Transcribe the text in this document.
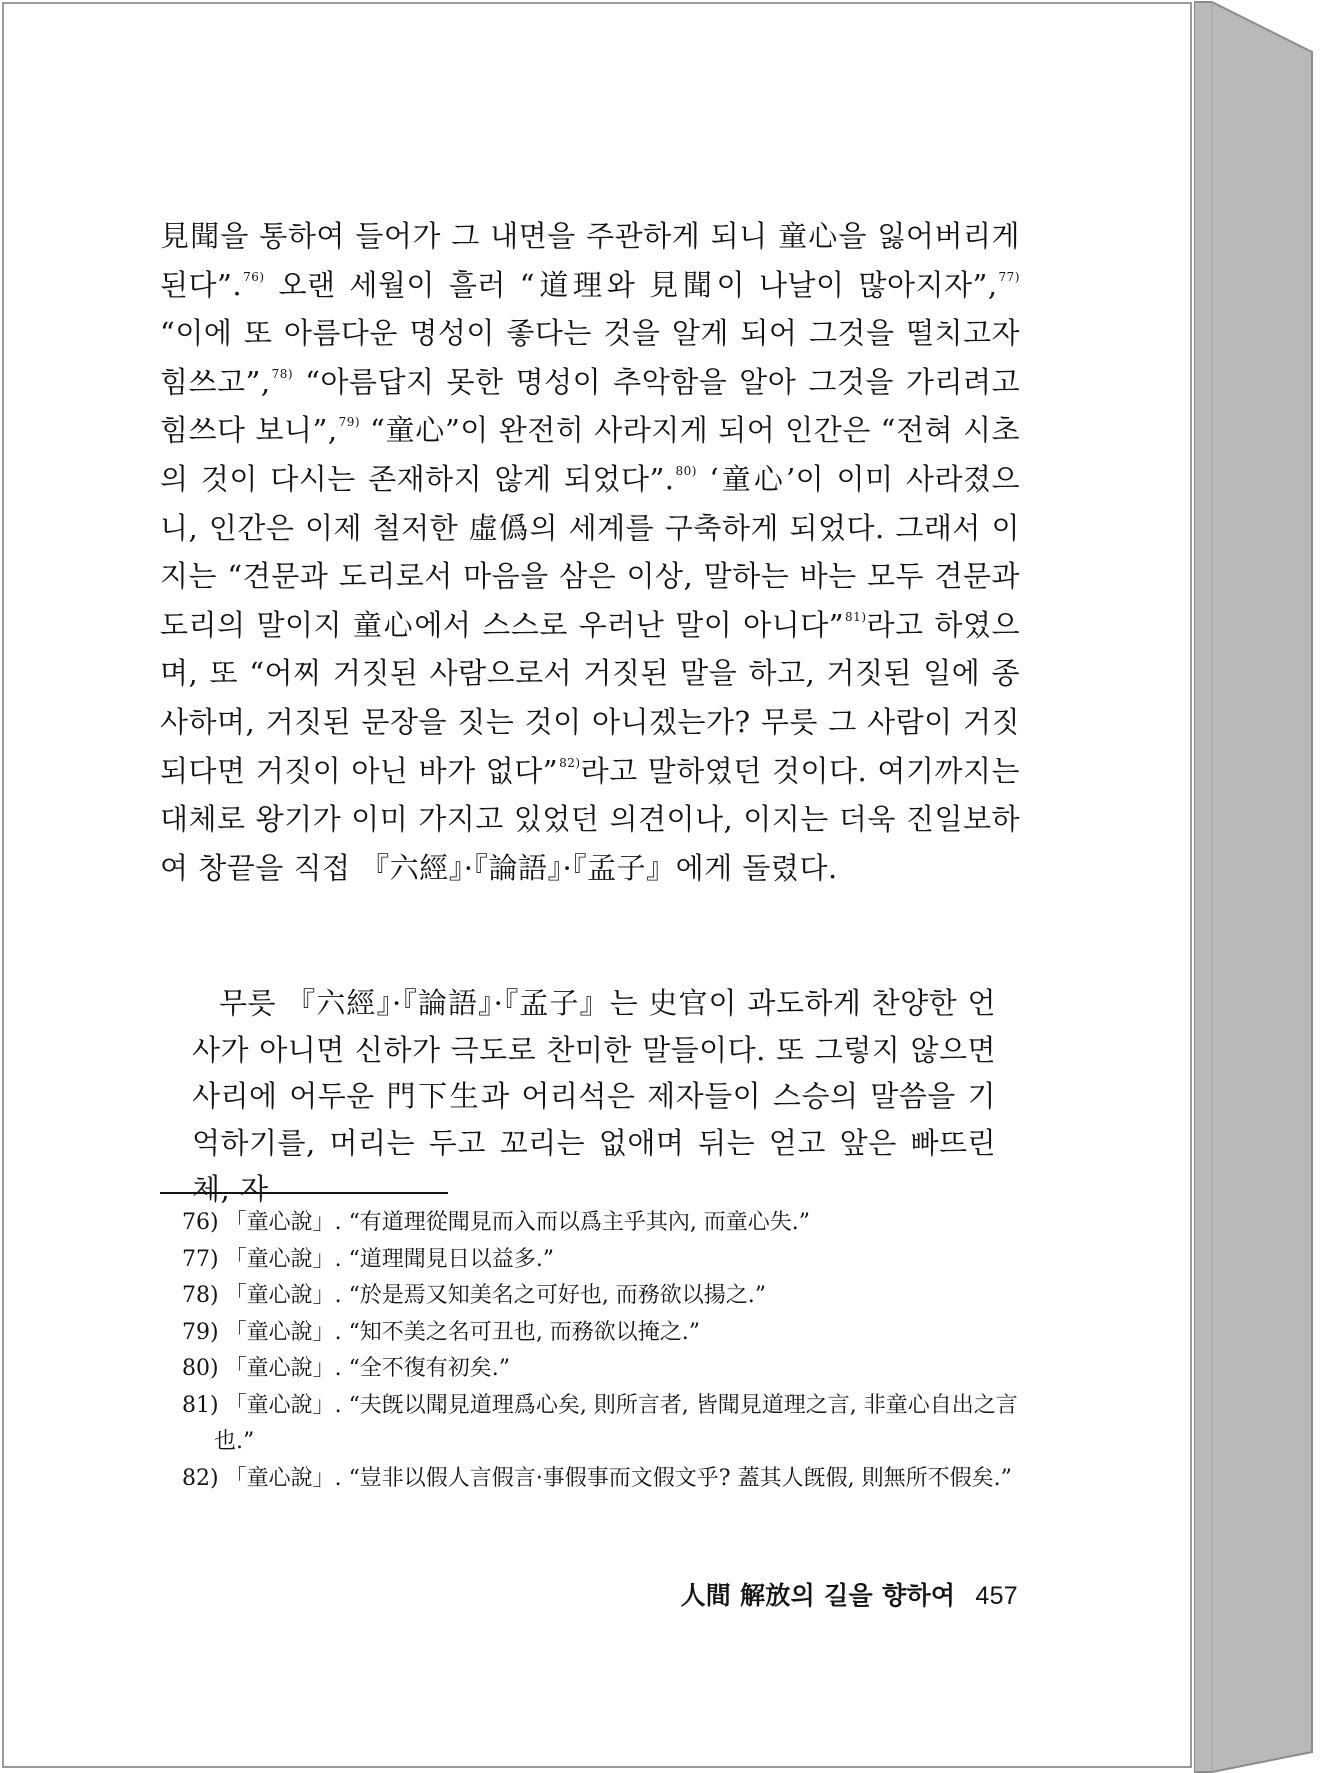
見聞을 통하여 들어가 그 내면을 주관하게 되니 童心을 잃어버리게 된다”.$^{76)}$ 오랜 세월이 흘러 “道理와 見聞이 나날이 많아지자”,$^{77)}$ “이에 또 아름다운 명성이 좋다는 것을 알게 되어 그것을 떨치고자 힘쓰고”,$^{78)}$ “아름답지 못한 명성이 추악함을 알아 그것을 가리려고 힘쓰다 보니”,$^{79)}$ “童心”이 완전히 사라지게 되어 인간은 “전혀 시초의 것이 다시는 존재하지 않게 되었다”.$^{80)}$ ‘童心’이 이미 사라졌으니, 인간은 이제 철저한 虛僞의 세계를 구축하게 되었다. 그래서 이지는 “견문과 도리로서 마음을 삼은 이상, 말하는 바는 모두 견문과 도리의 말이지 童心에서 스스로 우러난 말이 아니다”$^{81)}$라고 하였으며, 또 “어찌 거짓된 사람으로서 거짓된 말을 하고, 거짓된 일에 종사하며, 거짓된 문장을 짓는 것이 아니겠는가? 무릇 그 사람이 거짓되다면 거짓이 아닌 바가 없다”$^{82)}$라고 말하였던 것이다. 여기까지는 대체로 왕기가 이미 가지고 있었던 의견이나, 이지는 더욱 진일보하여 창끝을 직접 『六經』·『論語』·『孟子』에게 돌렸다.

무릇 『六經』·『論語』·『孟子』는 史官이 과도하게 찬양한 언사가 아니면 신하가 극도로 찬미한 말들이다. 또 그렇지 않으면 사리에 어두운 門下生과 어리석은 제자들이 스승의 말씀을 기억하기를, 머리는 두고 꼬리는 없애며 뒤는 얻고 앞은 빠뜨린 체, 자

76) 「童心說」. “有道理從聞見而入而以爲主乎其內, 而童心失.”
77) 「童心說」. “道理聞見日以益多.”
78) 「童心說」. “於是焉又知美名之可好也, 而務欲以揚之.”
79) 「童心說」. “知不美之名可丑也, 而務欲以掩之.”
80) 「童心說」. “全不復有初矣.”
81) 「童心說」. “夫旣以聞見道理爲心矣, 則所言者, 皆聞見道理之言, 非童心自出之言也.”
82) 「童心說」. “豈非以假人言假言·事假事而文假文乎? 蓋其人旣假, 則無所不假矣.”
人間 解放의 길을 향하여 457
